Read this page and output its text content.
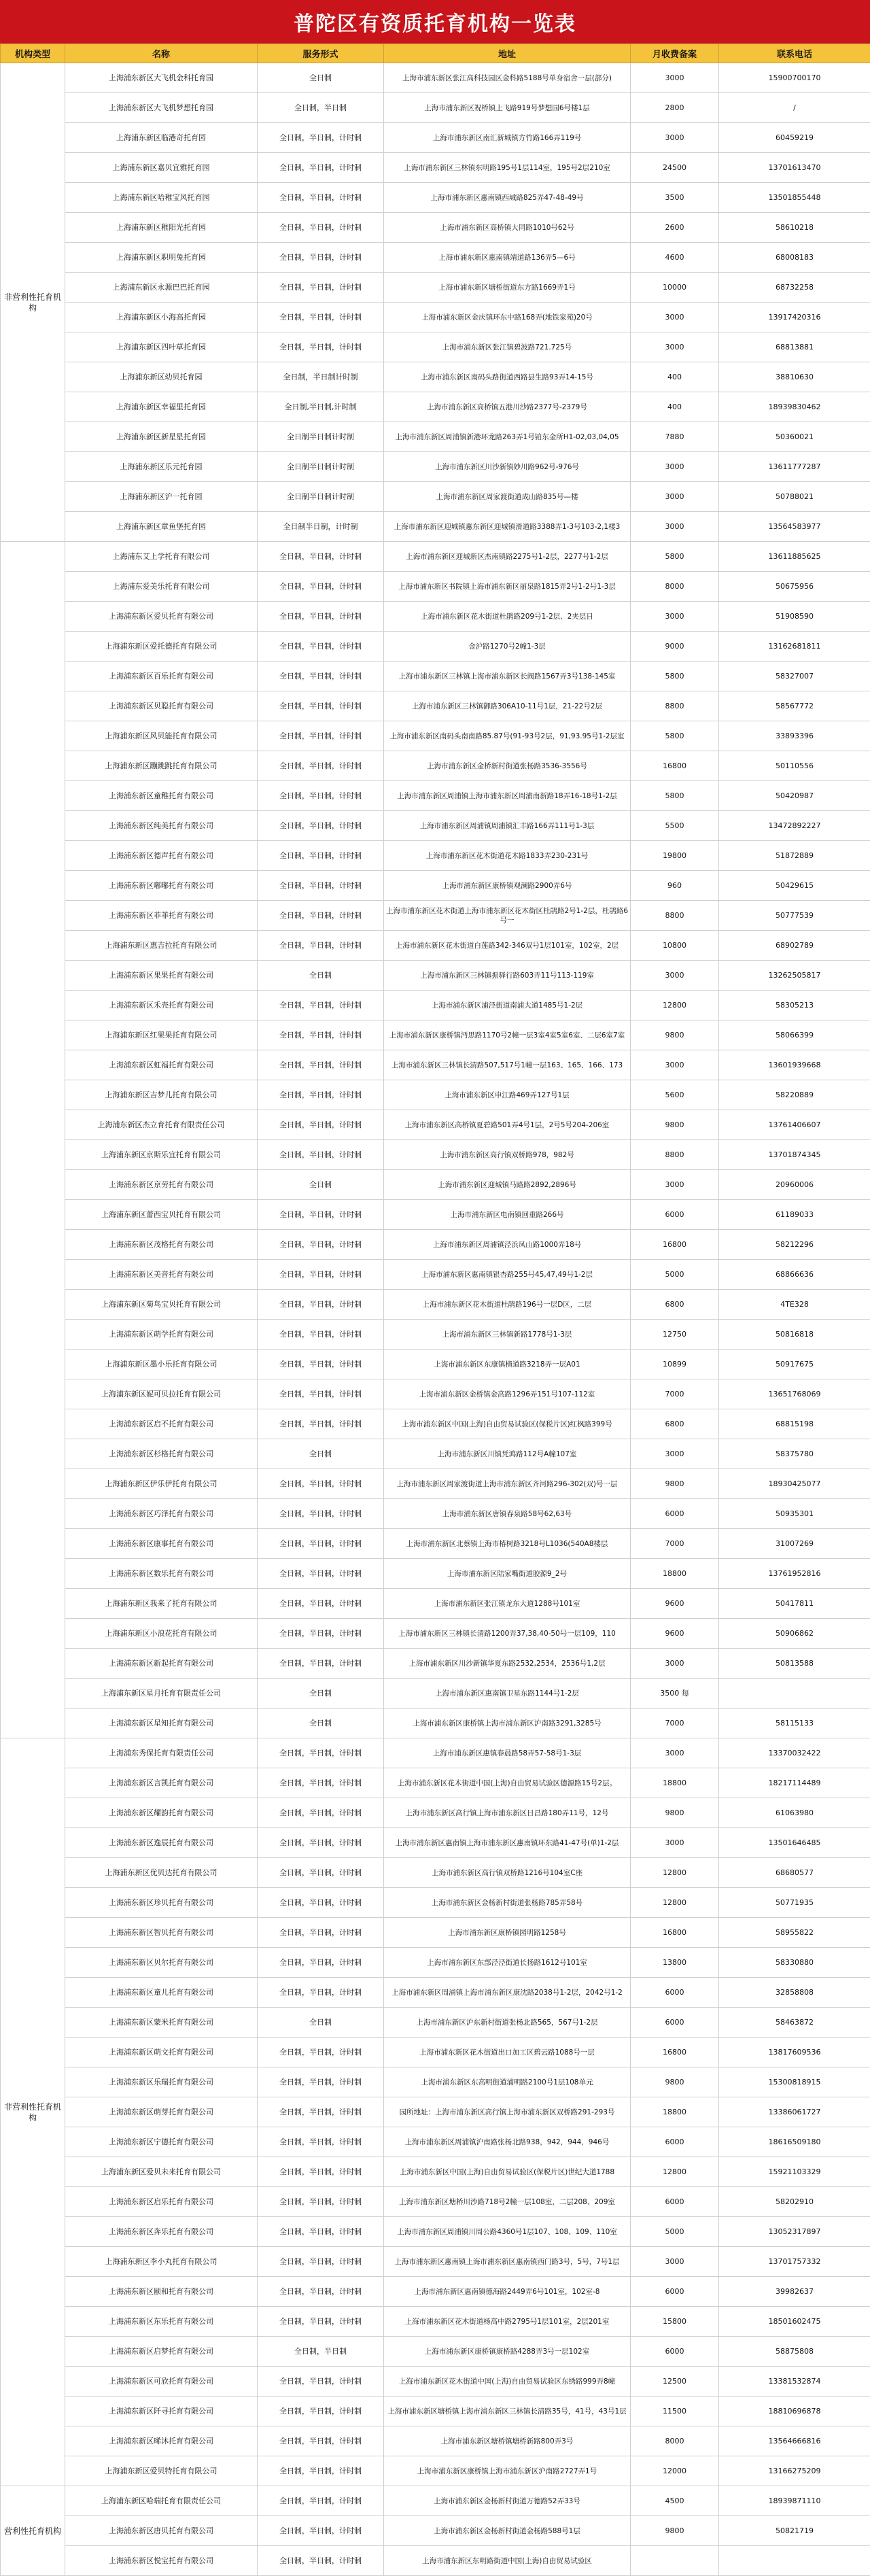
普陀区有资质托育机构一览表
机构类型	名称	服务形式	地址	月收费备案	联系电话
非营利性托育机构	上海浦东新区大飞机金科托育园	全日制	上海市浦东新区张江高科技园区金科路5188号单身宿舍一层(部分)	3000	15900700170
	上海浦东新区大飞机梦想托育园	全日制，半日制	上海市浦东新区祝桥镇上飞路919号梦想园6号楼1层	2800	/
	上海浦东新区临港奇托育园	全日制，半日制，计时制	上海市浦东新区南汇新城镇方竹路166弄119号	3000	60459219
	上海浦东新区嘉贝宜雅托育园	全日制，半日制，计时制	上海市浦东新区三林镇东明路195号1层114室，195号2层210室	24500	13701613470
	上海浦东新区哈稚宝风托育园	全日制，半日制，计时制	上海市浦东新区惠南镇西城路825弄47-48-49号	3500	13501855448
	上海浦东新区稚阳光托育园	全日制，半日制，计时制	上海市浦东新区高桥镇大同路1010号62号	2600	58610218
	上海浦东新区职明兔托育园	全日制，半日制，计时制	上海市浦东新区惠南镇靖道路136弄5—6号	4600	68008183
	上海浦东新区永源巴巴托育园	全日制，半日制，计时制	上海市浦东新区塘桥街道东方路1669弄1号	10000	68732258
	上海浦东新区小海高托育园	全日制，半日制，计时制	上海市浦东新区金庆镇环东中路168弄(地铁家苑)20号	3000	13917420316
	上海浦东新区四叶草托育园	全日制，半日制，计时制	上海市浦东新区张江镇碧波路721.725号	3000	68813881
	上海浦东新区幼贝托育园	全日制，半日制计时制	上海市浦东新区南码头路街道西路县生路93弄14-15号	400	38810630
	上海浦东新区幸福里托育园	全日制,半日制,计时制	上海市浦东新区高桥镇五港川沙路2377号-2379号	400	18939830462
	上海浦东新区新星星托育园	全日制半日制计时制	上海市浦东新区周浦镇新港环龙路263弄1号铂东金所H1-02,03,04,05	7880	50360021
	上海浦东新区乐元托育园	全日制半日制计时制	上海市浦东新区川沙新镇妙川路962号-976号	3000	13611777287
	上海浦东新区沪一托育园	全日制半日制计时制	上海市浦东新区周家渡街道成山路835号—楼	3000	50788021
	上海浦东新区章鱼堡托育园	全日制半日制，计时制	上海市浦东新区迎城镇惠东新区迎城镇滑道路3388弄1-3号103-2,1楼3	3000	13564583977
	上海浦东艾上学托育有限公司	全日制，半日制，计时制	上海市浦东新区迎城新区杰南镇路2275号1-2层，2277号1-2层	5800	13611885625
	上海浦东爱美乐托育有限公司	全日制，半日制，计时制	上海市浦东新区书院镇上海市浦东新区丽泉路1815弄2号1-2号1-3层	8000	50675956
	上海浦东新区爱贝托育有限公司	全日制，半日制，计时制	上海市浦东新区花木街道杜鹃路209号1-2层、2夹层日	3000	51908590
	上海浦东新区爱托德托育有限公司	全日制，半日制，计时制	金沪路1270号2幢1-3层	9000	13162681811
	上海浦东新区百乐托育有限公司	全日制，半日制，计时制	上海市浦东新区三林镇上海市浦东新区长阀路1567弄3号138-145室	5800	58327007
	上海浦东新区贝聪托育有限公司	全日制，半日制，计时制	上海市浦东新区三林镇御路306A10-11号1层，21-22号2层	8800	58567772
	上海浦东新区风贝能托育有限公司	全日制，半日制，计时制	上海市浦东新区南码头南南路85.87号(91-93号2层，91,93.95号1-2层室	5800	33893396
	上海浦东新区蹦跳跳托育有限公司	全日制，半日制，计时制	上海市浦东新区金桥新村街道张杨路3536-3556号	16800	50110556
	上海浦东新区童稚托育有限公司	全日制，半日制，计时制	上海市浦东新区周浦镇上海市浦东新区周浦南新路18弄16-18号1-2层	5800	50420987
	上海浦东新区纯美托育有限公司	全日制，半日制，计时制	上海市浦东新区周浦镇周浦镇汇丰路166弄111号1-3层	5500	13472892227
	上海浦东新区德声托育有限公司	全日制，半日制，计时制	上海市浦东新区花木街道花木路1833弄230-231号	19800	51872889
	上海浦东新区嘟嘟托育有限公司	全日制，半日制，计时制	上海市浦东新区康桥镇观澜路2900弄6号	960	50429615
	上海浦东新区菲菲托育有限公司	全日制，半日制，计时制	上海市浦东新区花木街道上海市浦东新区花木街区杜鹃路2号1-2层，杜鹃路6号一	8800	50777539
	上海浦东新区惠吉拉托育有限公司	全日制，半日制，计时制	上海市浦东新区花木街道白莲路342-346双号1层101室，102室，2层	10800	68902789
	上海浦东新区果果托育有限公司	全日制	上海市浦东新区三林镇振驿行路603弄11号113-119室	3000	13262505817
	上海浦东新区禾壳托育有限公司	全日制，半日制，计时制	上海市浦东新区浦泾街道南浦大道1485号1-2层	12800	58305213
	上海浦东新区红果果托育有限公司	全日制，半日制，计时制	上海市浦东新区康桥镇沔思路1170号2幢一层3室4室5室6室、二层6室7室	9800	58066399
	上海浦东新区虹福托育有限公司	全日制，半日制，计时制	上海市浦东新区三林镇长清路507,517号1幢一层163、165、166、173	3000	13601939668
	上海浦东新区吉梦儿托育有限公司	全日制，半日制，计时制	上海市浦东新区申江路469弄127号1层	5600	58220889
	上海浦东新区杰立育托育有限责任公司	全日制，半日制，计时制	上海市浦东新区高桥镇夏碧路501弄4号1层，2号5号204-206室	9800	13761406607
	上海浦东新区京斯乐宜托育有限公司	全日制，半日制，计时制	上海市浦东新区高行镇双桥路978，982号	8800	13701874345
	上海浦东新区京劳托育有限公司	全日制	上海市浦东新区迎城镇马路路2892,2896号	3000	20960006
	上海浦东新区蕾西宝贝托育有限公司	全日制，半日制，计时制	上海市浦东新区电南镇回重路266号	6000	61189033
	上海浦东新区茂格托育有限公司	全日制，半日制，计时制	上海市浦东新区周浦镇泾浜凤山路1000弄18号	16800	58212296
	上海浦东新区美音托育有限公司	全日制，半日制，计时制	上海市浦东新区惠南镇银杏路255号45,47,49号1-2层	5000	68866636
	上海浦东新区菊鸟宝贝托育有限公司	全日制，半日制，计时制	上海市浦东新区花木街道杜鹃路196号一层D区，二层	6800	4TE328
	上海浦东新区萌学托育有限公司	全日制，半日制，计时制	上海市浦东新区三林镇新路1778号1-3层	12750	50816818
	上海浦东新区墨小乐托育有限公司	全日制，半日制，计时制	上海市浦东新区东康镇横道路3218弄一层A01	10899	50917675
	上海浦东新区妮可贝拉托育有限公司	全日制，半日制，计时制	上海市浦东新区金桥镇金高路1296弄151号107-112室	7000	13651768069
	上海浦东新区启不托育有限公司	全日制，半日制，计时制	上海市浦东新区中国(上海)自由贸易试验区(保税片区)红枫路399号	6800	68815198
	上海浦东新区杉格托育有限公司	全日制	上海市浦东新区川镇凭鸿路112号A幢107室	3000	58375780
	上海浦东新区伊乐伊托育有限公司	全日制，半日制，计时制	上海市浦东新区周家渡街道上海市浦东新区齐河路296-302(双)号一层	9800	18930425077
	上海浦东新区巧泽托育有限公司	全日制，半日制，计时制	上海市浦东新区唐镇春泉路58号62,63号	6000	50935301
	上海浦东新区康事托育有限公司	全日制，半日制，计时制	上海市浦东新区北蔡镇上海市椿树路3218号L1036(540A8楼层	7000	31007269
	上海浦东新区数乐托育有限公司	全日制，半日制，计时制	上海市浦东新区陆家嘴街道胶源9_2号	18800	13761952816
	上海浦东新区我来了托育有限公司	全日制，半日制，计时制	上海市浦东新区张江镇龙东大道1288号101室	9600	50417811
	上海浦东新区小浪花托育有限公司	全日制，半日制，计时制	上海市浦东新区三林镇长清路1200弄37,38,40-50号一层109，110	9600	50906862
	上海浦东新区新起托育有限公司	全日制，半日制，计时制	上海市浦东新区川沙新镇华夏东路2532,2534，2536号1,2层	3000	50813588
	上海浦东新区星月托育有限责任公司	全日制	上海市浦东新区惠南镇卫星东路1144号1-2层	3500 每	
	上海浦东新区星知托育有限公司	全日制	上海市浦东新区康桥镇上海市浦东新区沪南路3291,3285号	7000	58115133
非营利性托育机构	上海浦东秀保托育有限责任公司	全日制，半日制，计时制	上海市浦东新区惠镇春晨路58弄57-58号1-3层	3000	13370032422
	上海浦东新区言凯托育有限公司	全日制，半日制，计时制	上海市浦东新区花木街道中国(上海)自由贸易试验区德源路15号2层。	18800	18217114489
	上海浦东新区耀韵托育有限公司	全日制，半日制，计时制	上海市浦东新区高行镇上海市浦东新区日昌路180弄11号，12号	9800	61063980
	上海浦东新区逸辰托育有限公司	全日制，半日制，计时制	上海市浦东新区惠南镇上海市浦东新区惠南镇环东路41-47号(单)1-2层	3000	13501646485
	上海浦东新区优贝达托育有限公司	全日制，半日制，计时制	上海市浦东新区高行镇双桥路1216号104室C座	12800	68680577
	上海浦东新区珍贝托育有限公司	全日制，半日制，计时制	上海市浦东新区金杨新村街道张杨路785弄58号	12800	50771935
	上海浦东新区智贝托育有限公司	全日制，半日制，计时制	上海市浦东新区康桥镇园明路1258号	16800	58955822
	上海浦东新区贝尔托育有限公司	全日制，半日制，计时制	上海市浦东新区东部泾泾街道长扬路1612号101室	13800	58330880
	上海浦东新区童儿托育有限公司	全日制，半日制，计时制	上海市浦东新区周浦镇上海市浦东新区康沈路2038号1-2层，2042号1-2	6000	32858808
	上海浦东新区蒙米托育有限公司	全日制	上海市浦东新区沪东新村街道张杨北路565，567号1-2层	6000	58463872
	上海浦东新区萌文托育有限公司	全日制，半日制，计时制	上海市浦东新区花木街道出口加工区碧云路1088号一层	16800	13817609536
	上海浦东新区乐瑞托育有限公司	全日制，半日制，计时制	上海市浦东新区东高明街道浦明路2100号1层108单元	9800	15300818915
	上海浦东新区萌芽托育有限公司	全日制，半日制，计时制	园所地址：上海市浦东新区高行镇上海市浦东新区双桥路291-293号	18800	13386061727
	上海浦东新区宁德托育有限公司	全日制，半日制，计时制	上海市浦东新区周浦镇沪南路张杨北路938，942，944，946号	6000	18616509180
	上海浦东新区爱贝未来托育有限公司	全日制，半日制，计时制	上海市浦东新区中国(上海)自由贸易试验区(保税片区)世纪大道1788	12800	15921103329
	上海浦东新区启乐托育有限公司	全日制，半日制，计时制	上海市浦东新区塘桥川沙路718号2幢一层108室，二层208、209室	6000	58202910
	上海浦东新区奔乐托育有限公司	全日制，半日制，计时制	上海市浦东新区周浦镇川周公路4360号1层107、108、109、110室	5000	13052317897
	上海浦东新区李小丸托育有限公司	全日制，半日制，计时制	上海市浦东新区惠南镇上海市浦东新区惠南镇西门路3号，5号，7号1层	3000	13701757332
	上海浦东新区颐和托育有限公司	全日制，半日制，计时制	上海市浦东新区惠南镇德海路2449弄6号101室，102室-8	6000	39982637
	上海浦东新区东乐托育有限公司	全日制，半日制，计时制	上海市浦东新区花木街道杨高中路2795号1层101室，2层201室	15800	18501602475
	上海浦东新区启梦托育有限公司	全日制，半日制	上海市浦东新区康桥镇康桥路4288弄3号一层102室	6000	58875808
	上海浦东新区可欣托育有限公司	全日制，半日制，计时制	上海市浦东新区花木街道中国(上海)自由贸易试验区东绣路999弄8幢	12500	13381532874
	上海浦东新区阡寻托育有限公司	全日制，半日制，计时制	上海市浦东新区塘桥镇上海市浦东新区三林镇长清路35号，41号，43号1层	11500	18810696878
	上海浦东新区晞沐托育有限公司	全日制，半日制，计时制	上海市浦东新区塘桥镇塘桥新路800弄3号	8000	13564666816
	上海浦东新区爱贝特托育有限公司	全日制，半日制，计时制	上海市浦东新区康桥镇上海市浦东新区沪南路2727弄1号	12000	13166275209
营利性托育机构	上海浦东新区哈瑞托育有限责任公司	全日制，半日制，计时制	上海市浦东新区金杨新村街道万德路52弄33号	4500	18939871110
	上海浦东新区唐贝托育有限公司	全日制，半日制，计时制	上海市浦东新区金杨新村街道金杨路588号1层	9800	50821719
	上海浦东新区悦宝托育有限公司	全日制，半日制，计时制	上海市浦东新区东明路街道中国(上海)自由贸易试验区		
